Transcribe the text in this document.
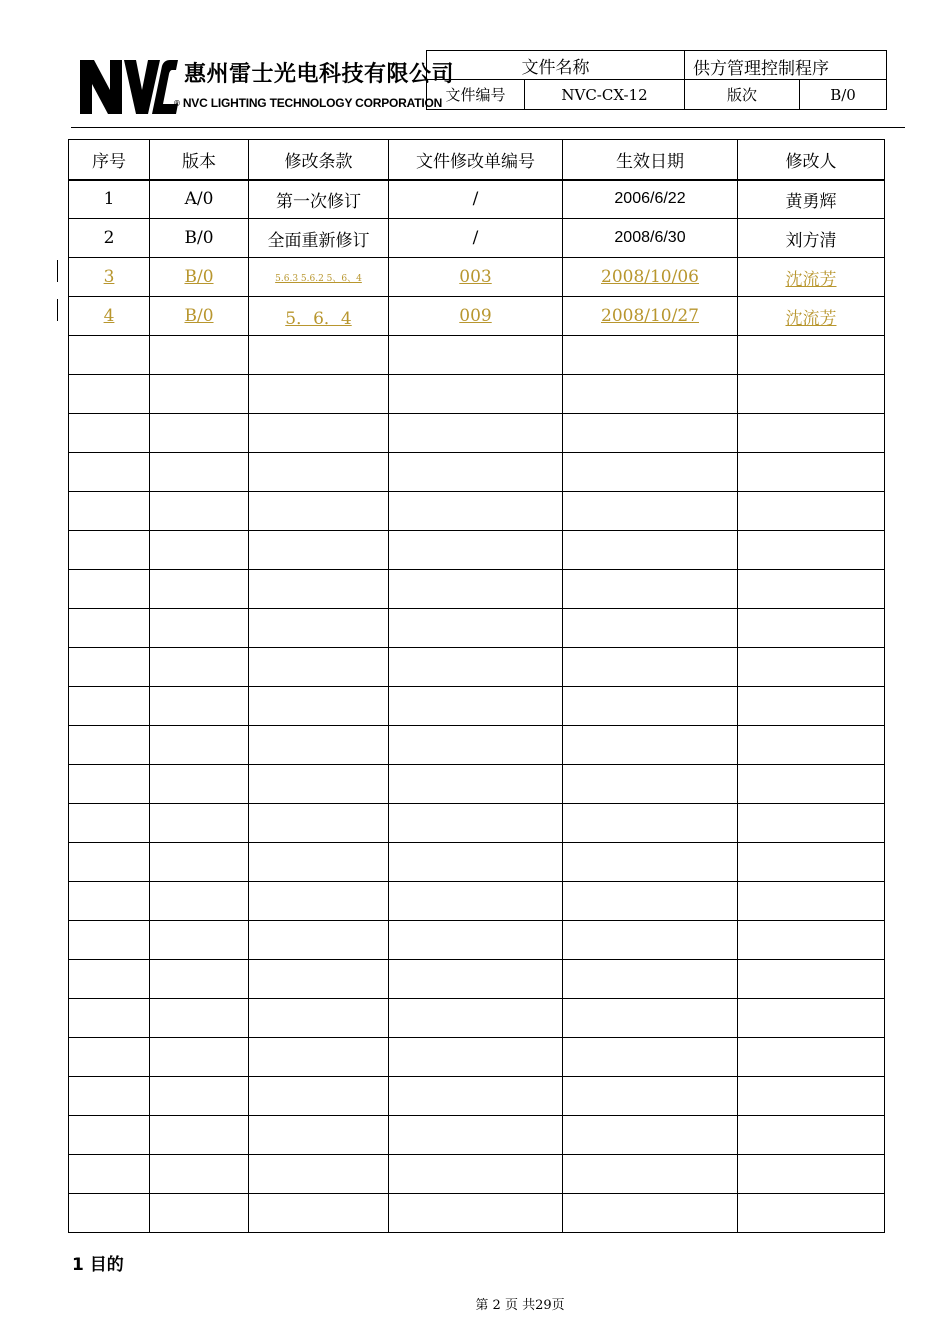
惠州雷士光电科技有限公司
® NVC LIGHTING TECHNOLOGY CORPORATION
文件名称		供方管理控制程序	
文件编号	NVC-CX-12	版次	B/0
序号	版本	修改条款	文件修改单编号	生效日期	修改人
1	A/0	第一次修订	/	2006/6/22	黄勇辉
2	B/0	全面重新修订	/	2008/6/30	刘方清
3	B/0	5.6.3 5.6.2 5、6、4	003	2008/10/06	沈流芳
4	B/0	5．6．4	009	2008/10/27	沈流芳

1 目的
第 2 页 共29页
